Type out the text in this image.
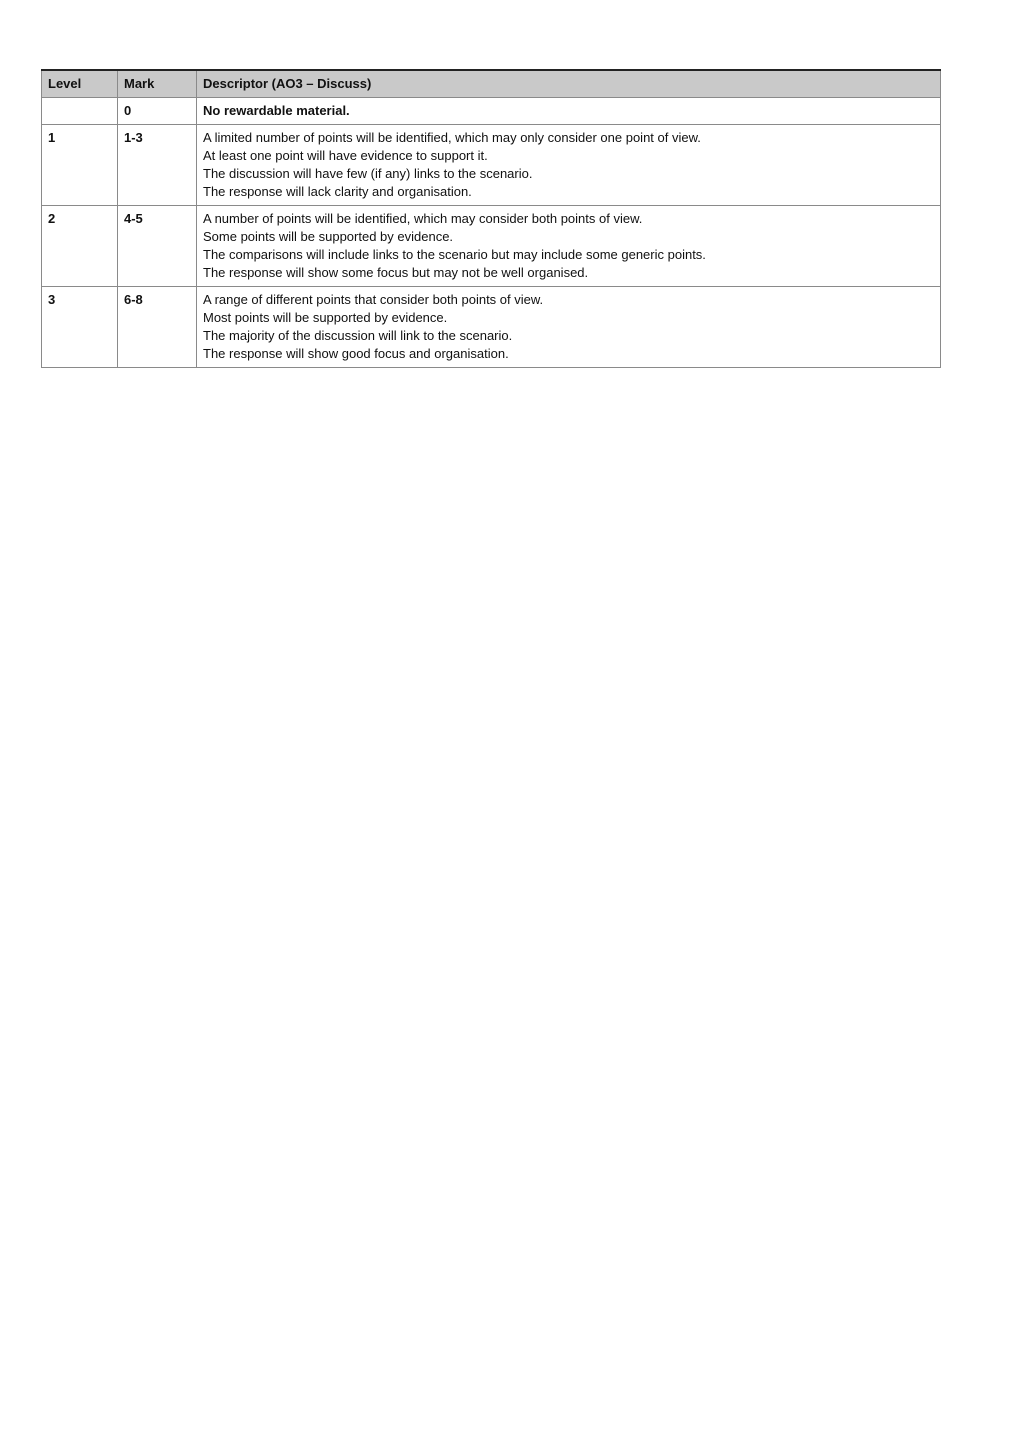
Level	Mark	Descriptor (AO3 – Discuss)
	0	No rewardable material.

1	1-3	A limited number of points will be identified, which may only consider one point of view.
At least one point will have evidence to support it.
The discussion will have few (if any) links to the scenario.
The response will lack clarity and organisation.

2	4-5	A number of points will be identified, which may consider both points of view.
Some points will be supported by evidence.
The comparisons will include links to the scenario but may include some generic points.
The response will show some focus but may not be well organised.

3	6-8	A range of different points that consider both points of view.
Most points will be supported by evidence.
The majority of the discussion will link to the scenario.
The response will show good focus and organisation.
